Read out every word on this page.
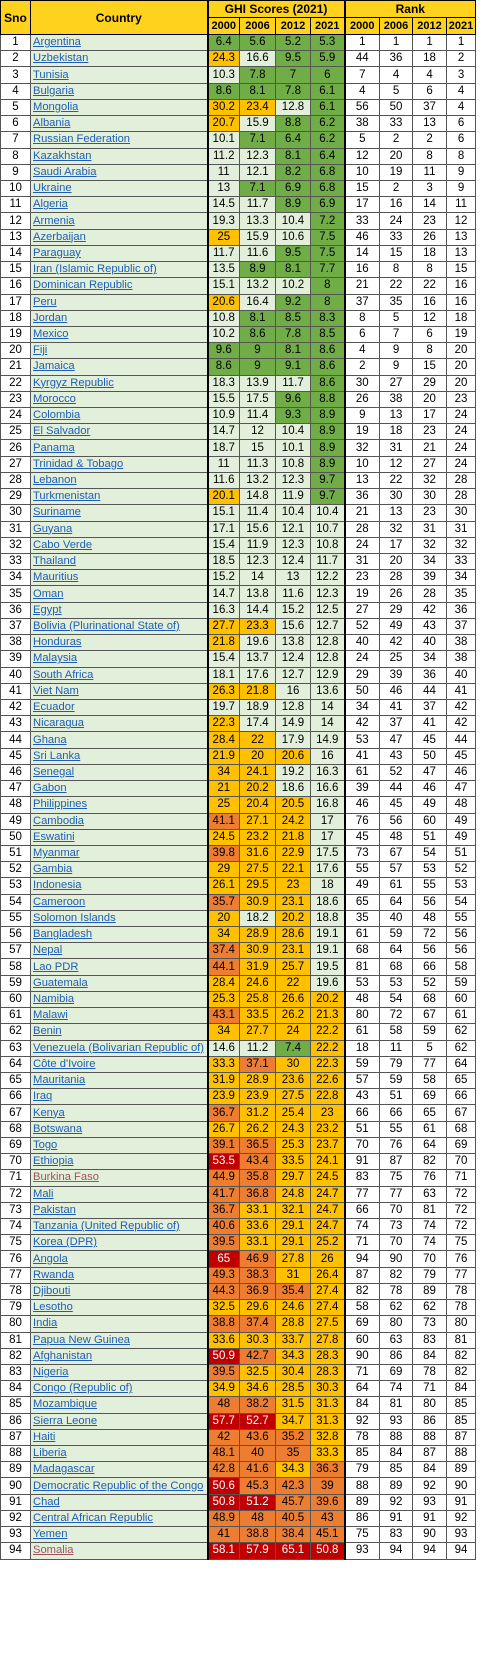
Sno	Country	GHI Scores (2021)				Rank			
		2000	2006	2012	2021	2000	2006	2012	2021
1	Argentina	6.4	5.6	5.2	5.3	1	1	1	1
2	Uzbekistan	24.3	16.6	9.5	5.9	44	36	18	2
3	Tunisia	10.3	7.8	7	6	7	4	4	3
4	Bulgaria	8.6	8.1	7.8	6.1	4	5	6	4
5	Mongolia	30.2	23.4	12.8	6.1	56	50	37	4
6	Albania	20.7	15.9	8.8	6.2	38	33	13	6
7	Russian Federation	10.1	7.1	6.4	6.2	5	2	2	6
8	Kazakhstan	11.2	12.3	8.1	6.4	12	20	8	8
9	Saudi Arabia	11	12.1	8.2	6.8	10	19	11	9
10	Ukraine	13	7.1	6.9	6.8	15	2	3	9
11	Algeria	14.5	11.7	8.9	6.9	17	16	14	11
12	Armenia	19.3	13.3	10.4	7.2	33	24	23	12
13	Azerbaijan	25	15.9	10.6	7.5	46	33	26	13
14	Paraguay	11.7	11.6	9.5	7.5	14	15	18	13
15	Iran (Islamic Republic of)	13.5	8.9	8.1	7.7	16	8	8	15
16	Dominican Republic	15.1	13.2	10.2	8	21	22	22	16
17	Peru	20.6	16.4	9.2	8	37	35	16	16
18	Jordan	10.8	8.1	8.5	8.3	8	5	12	18
19	Mexico	10.2	8.6	7.8	8.5	6	7	6	19
20	Fiji	9.6	9	8.1	8.6	4	9	8	20
21	Jamaica	8.6	9	9.1	8.6	2	9	15	20
22	Kyrgyz Republic	18.3	13.9	11.7	8.6	30	27	29	20
23	Morocco	15.5	17.5	9.6	8.8	26	38	20	23
24	Colombia	10.9	11.4	9.3	8.9	9	13	17	24
25	El Salvador	14.7	12	10.4	8.9	19	18	23	24
26	Panama	18.7	15	10.1	8.9	32	31	21	24
27	Trinidad & Tobago	11	11.3	10.8	8.9	10	12	27	24
28	Lebanon	11.6	13.2	12.3	9.7	13	22	32	28
29	Turkmenistan	20.1	14.8	11.9	9.7	36	30	30	28
30	Suriname	15.1	11.4	10.4	10.4	21	13	23	30
31	Guyana	17.1	15.6	12.1	10.7	28	32	31	31
32	Cabo Verde	15.4	11.9	12.3	10.8	24	17	32	32
33	Thailand	18.5	12.3	12.4	11.7	31	20	34	33
34	Mauritius	15.2	14	13	12.2	23	28	39	34
35	Oman	14.7	13.8	11.6	12.3	19	26	28	35
36	Egypt	16.3	14.4	15.2	12.5	27	29	42	36
37	Bolivia (Plurinational State of)	27.7	23.3	15.6	12.7	52	49	43	37
38	Honduras	21.8	19.6	13.8	12.8	40	42	40	38
39	Malaysia	15.4	13.7	12.4	12.8	24	25	34	38
40	South Africa	18.1	17.6	12.7	12.9	29	39	36	40
41	Viet Nam	26.3	21.8	16	13.6	50	46	44	41
42	Ecuador	19.7	18.9	12.8	14	34	41	37	42
43	Nicaragua	22.3	17.4	14.9	14	42	37	41	42
44	Ghana	28.4	22	17.9	14.9	53	47	45	44
45	Sri Lanka	21.9	20	20.6	16	41	43	50	45
46	Senegal	34	24.1	19.2	16.3	61	52	47	46
47	Gabon	21	20.2	18.6	16.6	39	44	46	47
48	Philippines	25	20.4	20.5	16.8	46	45	49	48
49	Cambodia	41.1	27.1	24.2	17	76	56	60	49
50	Eswatini	24.5	23.2	21.8	17	45	48	51	49
51	Myanmar	39.8	31.6	22.9	17.5	73	67	54	51
52	Gambia	29	27.5	22.1	17.6	55	57	53	52
53	Indonesia	26.1	29.5	23	18	49	61	55	53
54	Cameroon	35.7	30.9	23.1	18.6	65	64	56	54
55	Solomon Islands	20	18.2	20.2	18.8	35	40	48	55
56	Bangladesh	34	28.9	28.6	19.1	61	59	72	56
57	Nepal	37.4	30.9	23.1	19.1	68	64	56	56
58	Lao PDR	44.1	31.9	25.7	19.5	81	68	66	58
59	Guatemala	28.4	24.6	22	19.6	53	53	52	59
60	Namibia	25.3	25.8	26.6	20.2	48	54	68	60
61	Malawi	43.1	33.5	26.2	21.3	80	72	67	61
62	Benin	34	27.7	24	22.2	61	58	59	62
63	Venezuela (Bolivarian Republic of)	14.6	11.2	7.4	22.2	18	11	5	62
64	Côte d'Ivoire	33.3	37.1	30	22.3	59	79	77	64
65	Mauritania	31.9	28.9	23.6	22.6	57	59	58	65
66	Iraq	23.9	23.9	27.5	22.8	43	51	69	66
67	Kenya	36.7	31.2	25.4	23	66	66	65	67
68	Botswana	26.7	26.2	24.3	23.2	51	55	61	68
69	Togo	39.1	36.5	25.3	23.7	70	76	64	69
70	Ethiopia	53.5	43.4	33.5	24.1	91	87	82	70
71	Burkina Faso	44.9	35.8	29.7	24.5	83	75	76	71
72	Mali	41.7	36.8	24.8	24.7	77	77	63	72
73	Pakistan	36.7	33.1	32.1	24.7	66	70	81	72
74	Tanzania (United Republic of)	40.6	33.6	29.1	24.7	74	73	74	72
75	Korea (DPR)	39.5	33.1	29.1	25.2	71	70	74	75
76	Angola	65	46.9	27.8	26	94	90	70	76
77	Rwanda	49.3	38.3	31	26.4	87	82	79	77
78	Djibouti	44.3	36.9	35.4	27.4	82	78	89	78
79	Lesotho	32.5	29.6	24.6	27.4	58	62	62	78
80	India	38.8	37.4	28.8	27.5	69	80	73	80
81	Papua New Guinea	33.6	30.3	33.7	27.8	60	63	83	81
82	Afghanistan	50.9	42.7	34.3	28.3	90	86	84	82
83	Nigeria	39.5	32.5	30.4	28.3	71	69	78	82
84	Congo (Republic of)	34.9	34.6	28.5	30.3	64	74	71	84
85	Mozambique	48	38.2	31.5	31.3	84	81	80	85
86	Sierra Leone	57.7	52.7	34.7	31.3	92	93	86	85
87	Haiti	42	43.6	35.2	32.8	78	88	88	87
88	Liberia	48.1	40	35	33.3	85	84	87	88
89	Madagascar	42.8	41.6	34.3	36.3	79	85	84	89
90	Democratic Republic of the Congo	50.6	45.3	42.3	39	88	89	92	90
91	Chad	50.8	51.2	45.7	39.6	89	92	93	91
92	Central African Republic	48.9	48	40.5	43	86	91	91	92
93	Yemen	41	38.8	38.4	45.1	75	83	90	93
94	Somalia	58.1	57.9	65.1	50.8	93	94	94	94
